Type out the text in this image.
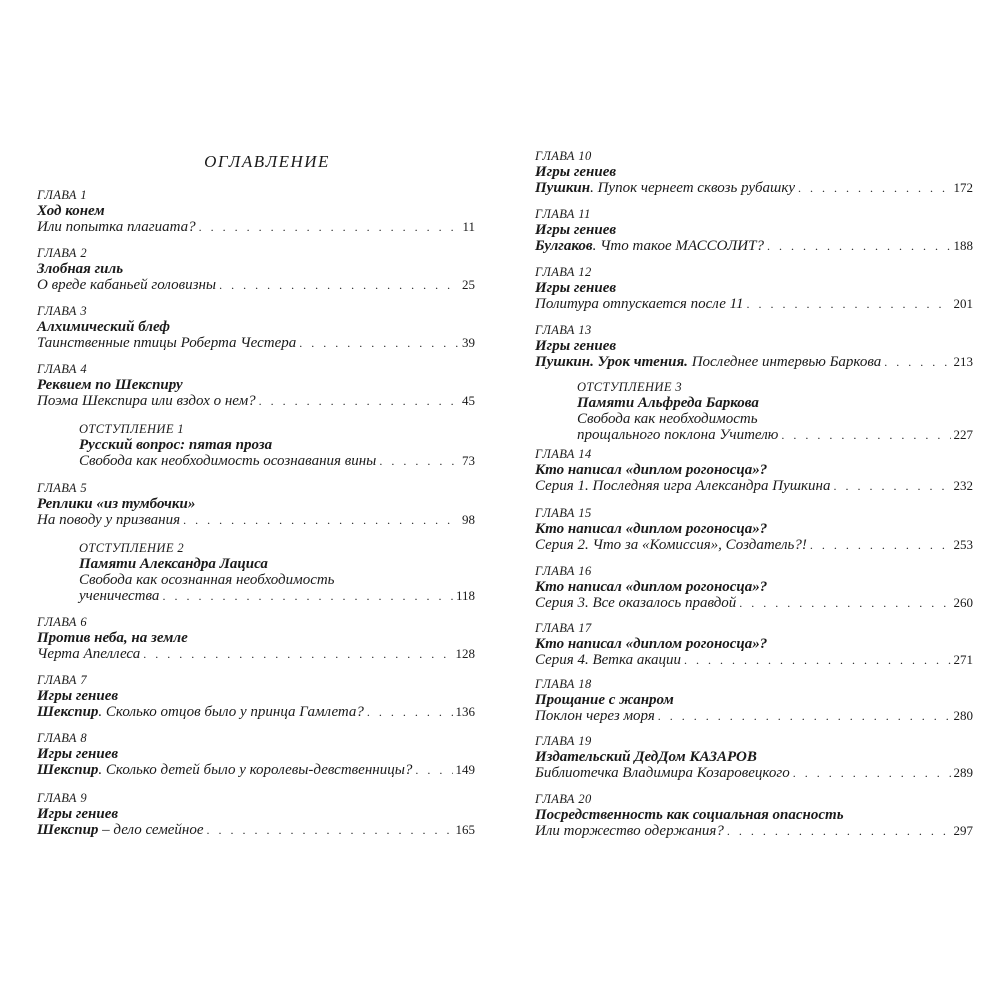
ОГЛАВЛЕНИЕ
ГЛАВА 1
Ход конем
Или попытка плагиата? . . .	11
ГЛАВА 2
Злобная гиль
О вреде кабаньей головизны . . .	25
ГЛАВА 3
Алхимический блеф
Таинственные птицы Роберта Честера . . .	39
ГЛАВА 4
Реквием по Шекспиру
Поэма Шекспира или вздох о нем? . . .	45
ОТСТУПЛЕНИЕ 1
Русский вопрос: пятая проза
Свобода как необходимость осознавания вины . . .	73
ГЛАВА 5
Реплики «из тумбочки»
На поводу у призвания . . .	98
ОТСТУПЛЕНИЕ 2
Памяти Александра Лациса
Свобода как осознанная необходимость
ученичества . . .	118
ГЛАВА 6
Против неба, на земле
Черта Апеллеса . . .	128
ГЛАВА 7
Игры гениев
Шекспир. Сколько отцов было у принца Гамлета? . . .	136
ГЛАВА 8
Игры гениев
Шекспир. Сколько детей было у королевы-девственницы? . . .	149
ГЛАВА 9
Игры гениев
Шекспир – дело семейное . . .	165
ГЛАВА 10
Игры гениев
Пушкин. Пупок чернеет сквозь рубашку . . .	172
ГЛАВА 11
Игры гениев
Булгаков. Что такое МАССОЛИТ? . . .	188
ГЛАВА 12
Игры гениев
Политура отпускается после 11 . . .	201
ГЛАВА 13
Игры гениев
Пушкин. Урок чтения. Последнее интервью Баркова . . .	213
ОТСТУПЛЕНИЕ 3
Памяти Альфреда Баркова
Свобода как необходимость
прощального поклона Учителю . . .	227
ГЛАВА 14
Кто написал «диплом рогоносца»?
Серия 1. Последняя игра Александра Пушкина . . .	232
ГЛАВА 15
Кто написал «диплом рогоносца»?
Серия 2. Что за «Комиссия», Создатель?! . . .	253
ГЛАВА 16
Кто написал «диплом рогоносца»?
Серия 3. Все оказалось правдой . . .	260
ГЛАВА 17
Кто написал «диплом рогоносца»?
Серия 4. Ветка акации . . .	271
ГЛАВА 18
Прощание с жанром
Поклон через моря . . .	280
ГЛАВА 19
Издательский ДедДом КАЗАРОВ
Библиотечка Владимира Козаровецкого . . .	289
ГЛАВА 20
Посредственность как социальная опасность
Или торжество одержания? . . .	297
